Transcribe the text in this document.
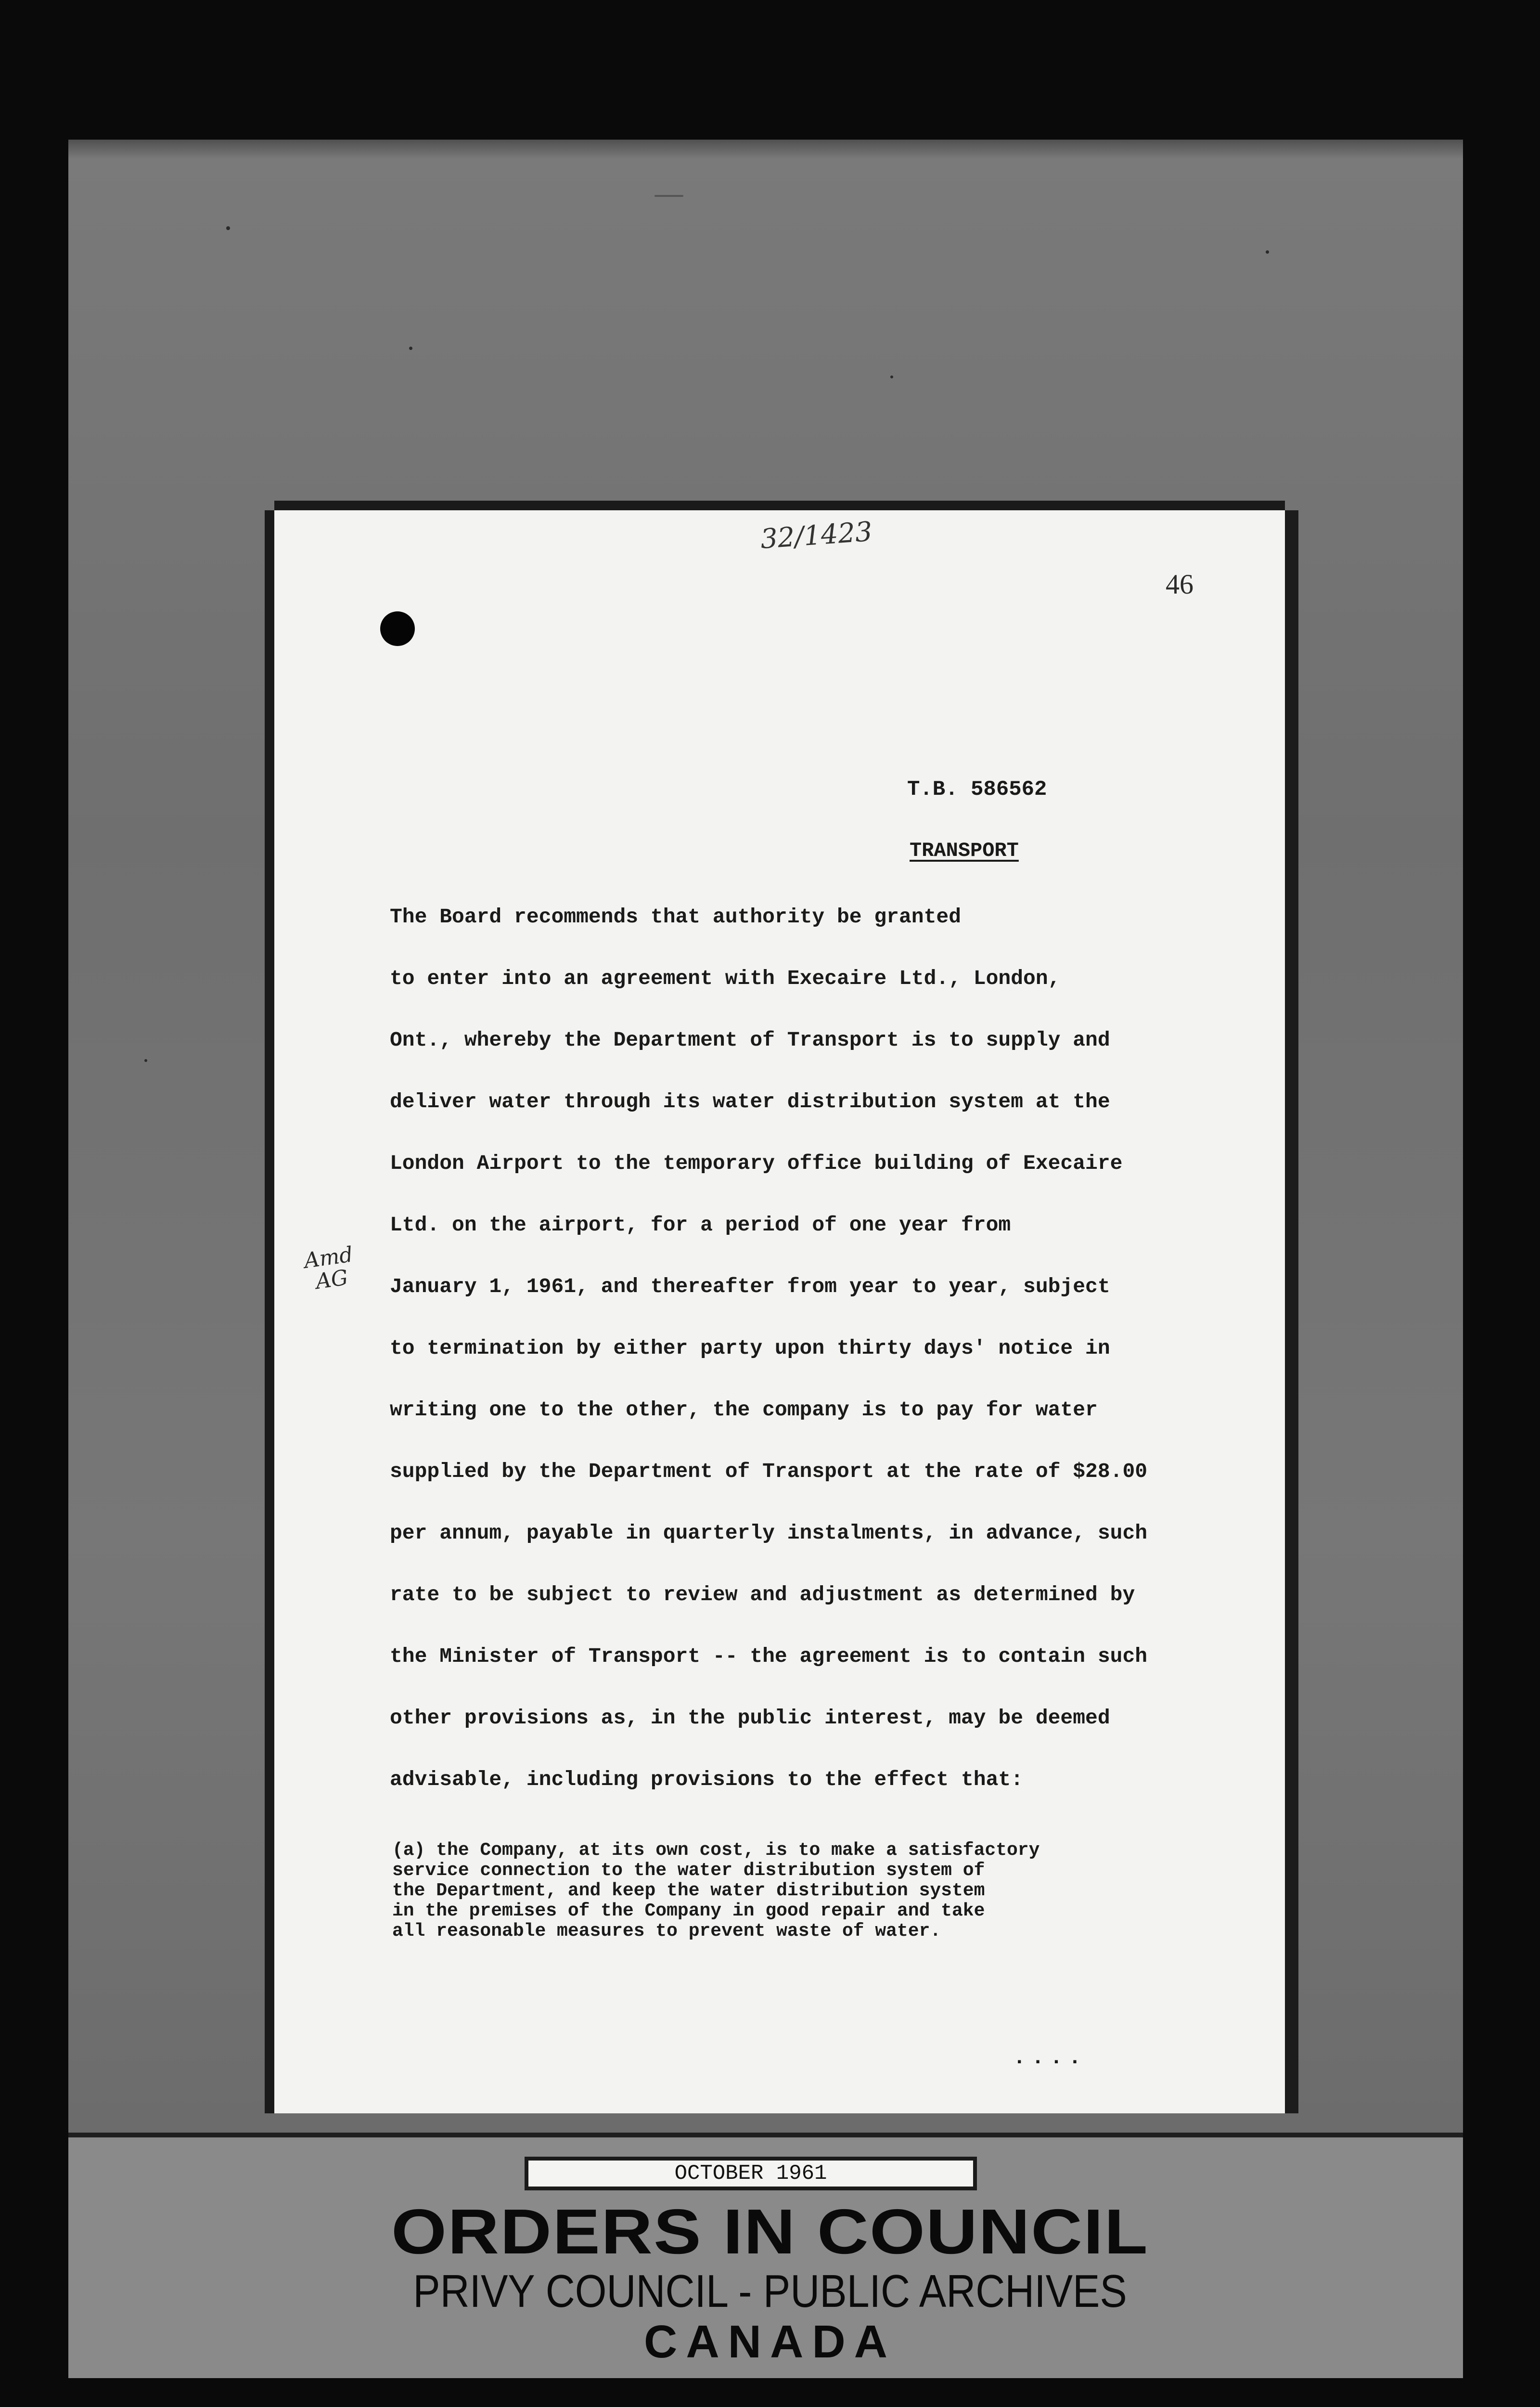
32/1423
46
Amd
AG
T.B. 586562
TRANSPORT
The Board recommends that authority be granted
to enter into an agreement with Execaire Ltd., London,
Ont., whereby the Department of Transport is to supply and
deliver water through its water distribution system at the
London Airport to the temporary office building of Execaire
Ltd. on the airport, for a period of one year from
January 1, 1961, and thereafter from year to year, subject
to termination by either party upon thirty days' notice in
writing one to the other, the company is to pay for water
supplied by the Department of Transport at the rate of $28.00
per annum, payable in quarterly instalments, in advance, such
rate to be subject to review and adjustment as determined by
the Minister of Transport -- the agreement is to contain such
other provisions as, in the public interest, may be deemed
advisable, including provisions to the effect that:
(a) the Company, at its own cost, is to make a satisfactory
service connection to the water distribution system of
the Department, and keep the water distribution system
in the premises of the Company in good repair and take
all reasonable measures to prevent waste of water.
....
OCTOBER 1961
ORDERS IN COUNCIL
PRIVY COUNCIL - PUBLIC ARCHIVES
CANADA
